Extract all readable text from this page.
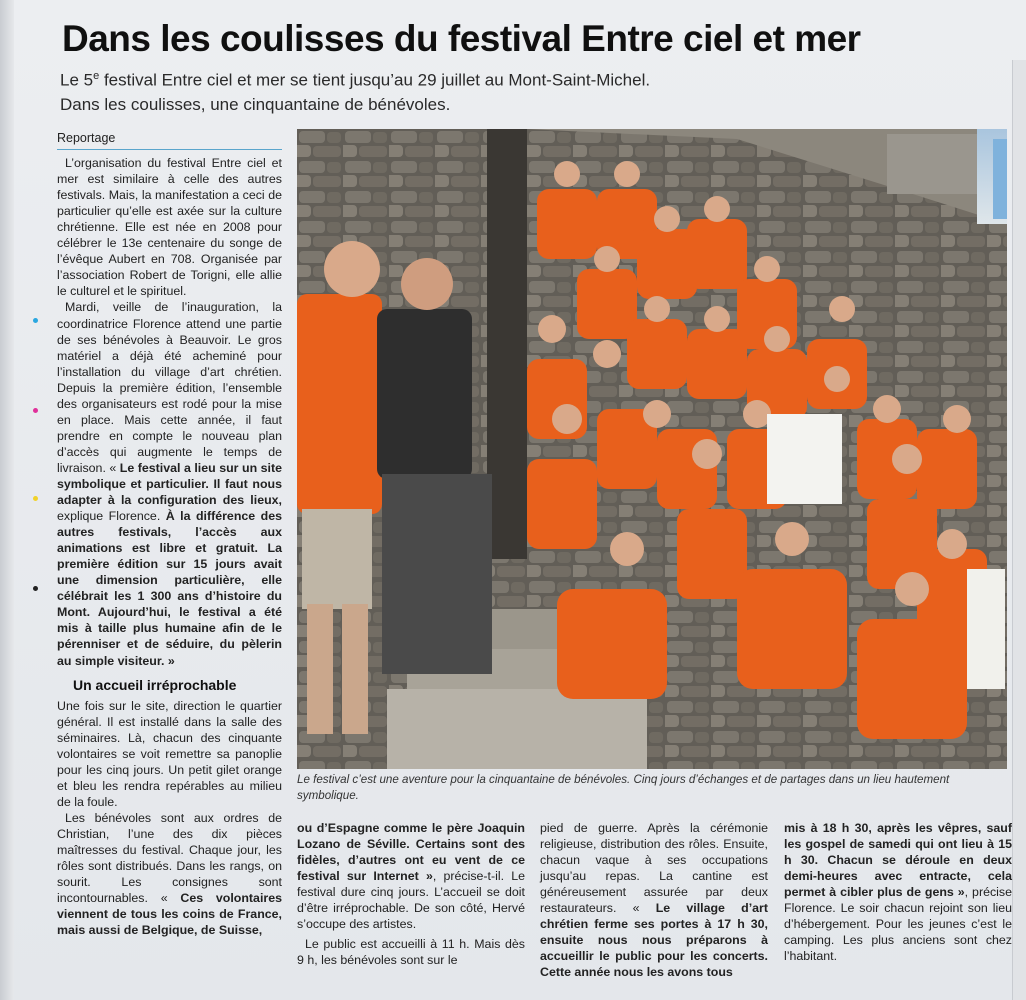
Dans les coulisses du festival Entre ciel et mer
Le 5e festival Entre ciel et mer se tient jusqu’au 29 juillet au Mont-Saint-Michel.
Dans les coulisses, une cinquantaine de bénévoles.
Reportage

L’organisation du festival Entre ciel et mer est similaire à celle des autres festivals. Mais, la manifestation a ceci de particulier qu’elle est axée sur la culture chrétienne. Elle est née en 2008 pour célébrer le 13e centenaire du songe de l’évêque Aubert en 708. Organisée par l’association Robert de Torigni, elle allie le culturel et le spirituel.

Mardi, veille de l’inauguration, la coordinatrice Florence attend une partie de ses bénévoles à Beauvoir. Le gros matériel a déjà été acheminé pour l’installation du village d’art chrétien. Depuis la première édition, l’ensemble des organisateurs est rodé pour la mise en place. Mais cette année, il faut prendre en compte le nouveau plan d’accès qui augmente le temps de livraison. « Le festival a lieu sur un site symbolique et particulier. Il faut nous adapter à la configuration des lieux, explique Florence. À la différence des autres festivals, l’accès aux animations est libre et gratuit. La première édition sur 15 jours avait une dimension particulière, elle célébrait les 1 300 ans d’histoire du Mont. Aujourd’hui, le festival a été mis à taille plus humaine afin de le pérenniser et de séduire, du pèlerin au simple visiteur. »

Un accueil irréprochable

Une fois sur le site, direction le quartier général. Il est installé dans la salle des séminaires. Là, chacun des cinquante volontaires se voit remettre sa panoplie pour les cinq jours. Un petit gilet orange et bleu les rendra repérables au milieu de la foule.

Les bénévoles sont aux ordres de Christian, l’une des dix pièces maîtresses du festival. Chaque jour, les rôles sont distribués. Dans les rangs, on sourit. Les consignes sont incontournables. « Ces volontaires viennent de tous les coins de France, mais aussi de Belgique, de Suisse,

Le festival c’est une aventure pour la cinquantaine de bénévoles. Cinq jours d’échanges et de partages dans un lieu hautement symbolique.

ou d’Espagne comme le père Joaquin Lozano de Séville. Certains sont des fidèles, d’autres ont eu vent de ce festival sur Internet », précise-t-il. Le festival dure cinq jours. L’accueil se doit d’être irréprochable. De son côté, Hervé s’occupe des artistes.

Le public est accueilli à 11 h. Mais dès 9 h, les bénévoles sont sur le

pied de guerre. Après la cérémonie religieuse, distribution des rôles. Ensuite, chacun vaque à ses occupations jusqu’au repas. La cantine est généreusement assurée par deux restaurateurs. « Le village d’art chrétien ferme ses portes à 17 h 30, ensuite nous nous préparons à accueillir le public pour les concerts. Cette année nous les avons tous

mis à 18 h 30, après les vêpres, sauf les gospel de samedi qui ont lieu à 15 h 30. Chacun se déroule en deux demi-heures avec entracte, cela permet à cibler plus de gens », précise Florence. Le soir chacun rejoint son lieu d’hébergement. Pour les jeunes c’est le camping. Les plus anciens sont chez l’habitant.
